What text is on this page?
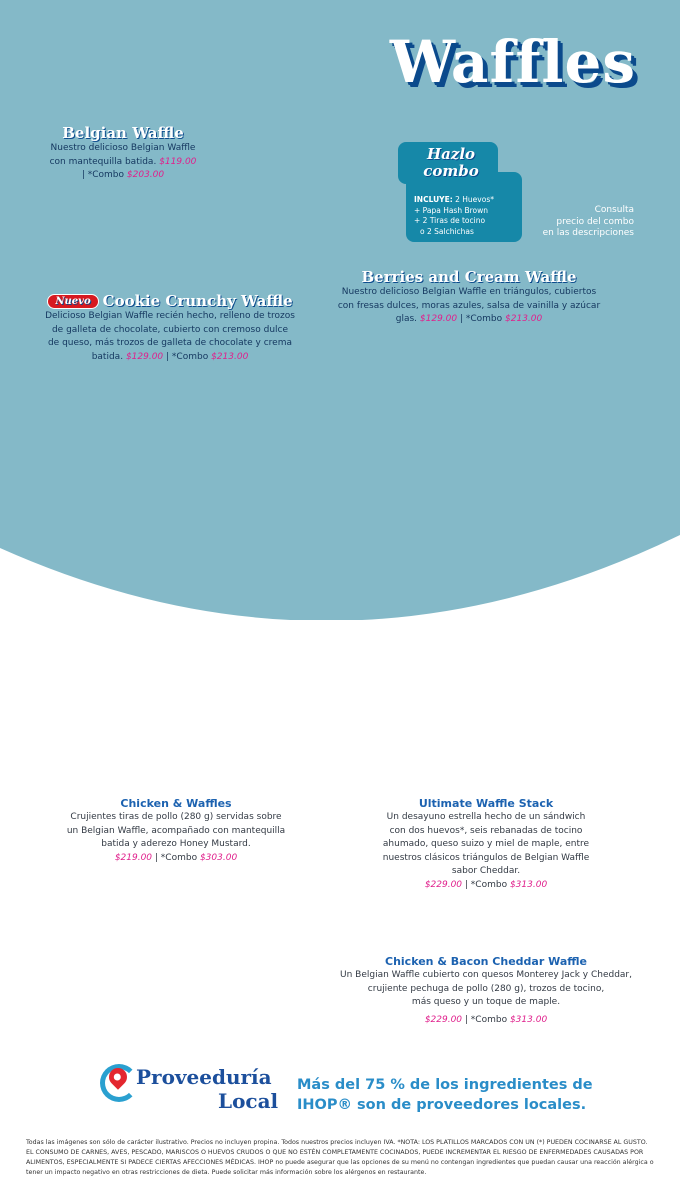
Waffles
Belgian Waffle
Nuestro delicioso Belgian Waffle
con mantequilla batida. $119.00
| *Combo $203.00
Hazlo
combo
INCLUYE: 2 Huevos*
+ Papa Hash Brown
+ 2 Tiras de tocino
o 2 Salchichas
Consulta
precio del combo
en las descripciones
Berries and Cream Waffle
Nuestro delicioso Belgian Waffle en triángulos, cubiertos
con fresas dulces, moras azules, salsa de vainilla y azúcar
glas. $129.00 | *Combo $213.00
Nuevo Cookie Crunchy Waffle
Delicioso Belgian Waffle recién hecho, relleno de trozos
de galleta de chocolate, cubierto con cremoso dulce
de queso, más trozos de galleta de chocolate y crema
batida. $129.00 | *Combo $213.00
Chicken & Waffles
Crujientes tiras de pollo (280 g) servidas sobre
un Belgian Waffle, acompañado con mantequilla
batida y aderezo Honey Mustard.
$219.00 | *Combo $303.00
Ultimate Waffle Stack
Un desayuno estrella hecho de un sándwich
con dos huevos*, seis rebanadas de tocino
ahumado, queso suizo y miel de maple, entre
nuestros clásicos triángulos de Belgian Waffle
sabor Cheddar.
$229.00 | *Combo $313.00
Chicken & Bacon Cheddar Waffle
Un Belgian Waffle cubierto con quesos Monterey Jack y Cheddar,
crujiente pechuga de pollo (280 g), trozos de tocino,
más queso y un toque de maple.
$229.00 | *Combo $313.00
Proveeduría
Local
Más del 75 % de los ingredientes de
IHOP® son de proveedores locales.
Todas las imágenes son sólo de carácter ilustrativo. Precios no incluyen propina. Todos nuestros precios incluyen IVA. *NOTA: LOS PLATILLOS MARCADOS CON UN (*) PUEDEN COCINARSE AL GUSTO. EL CONSUMO DE CARNES, AVES, PESCADO, MARISCOS O HUEVOS CRUDOS O QUE NO ESTÉN COMPLETAMENTE COCINADOS, PUEDE INCREMENTAR EL RIESGO DE ENFERMEDADES CAUSADAS POR ALIMENTOS, ESPECIALMENTE SI PADECE CIERTAS AFECCIONES MÉDICAS. IHOP no puede asegurar que las opciones de su menú no contengan ingredientes que puedan causar una reacción alérgica o tener un impacto negativo en otras restricciones de dieta. Puede solicitar más información sobre los alérgenos en restaurante.
